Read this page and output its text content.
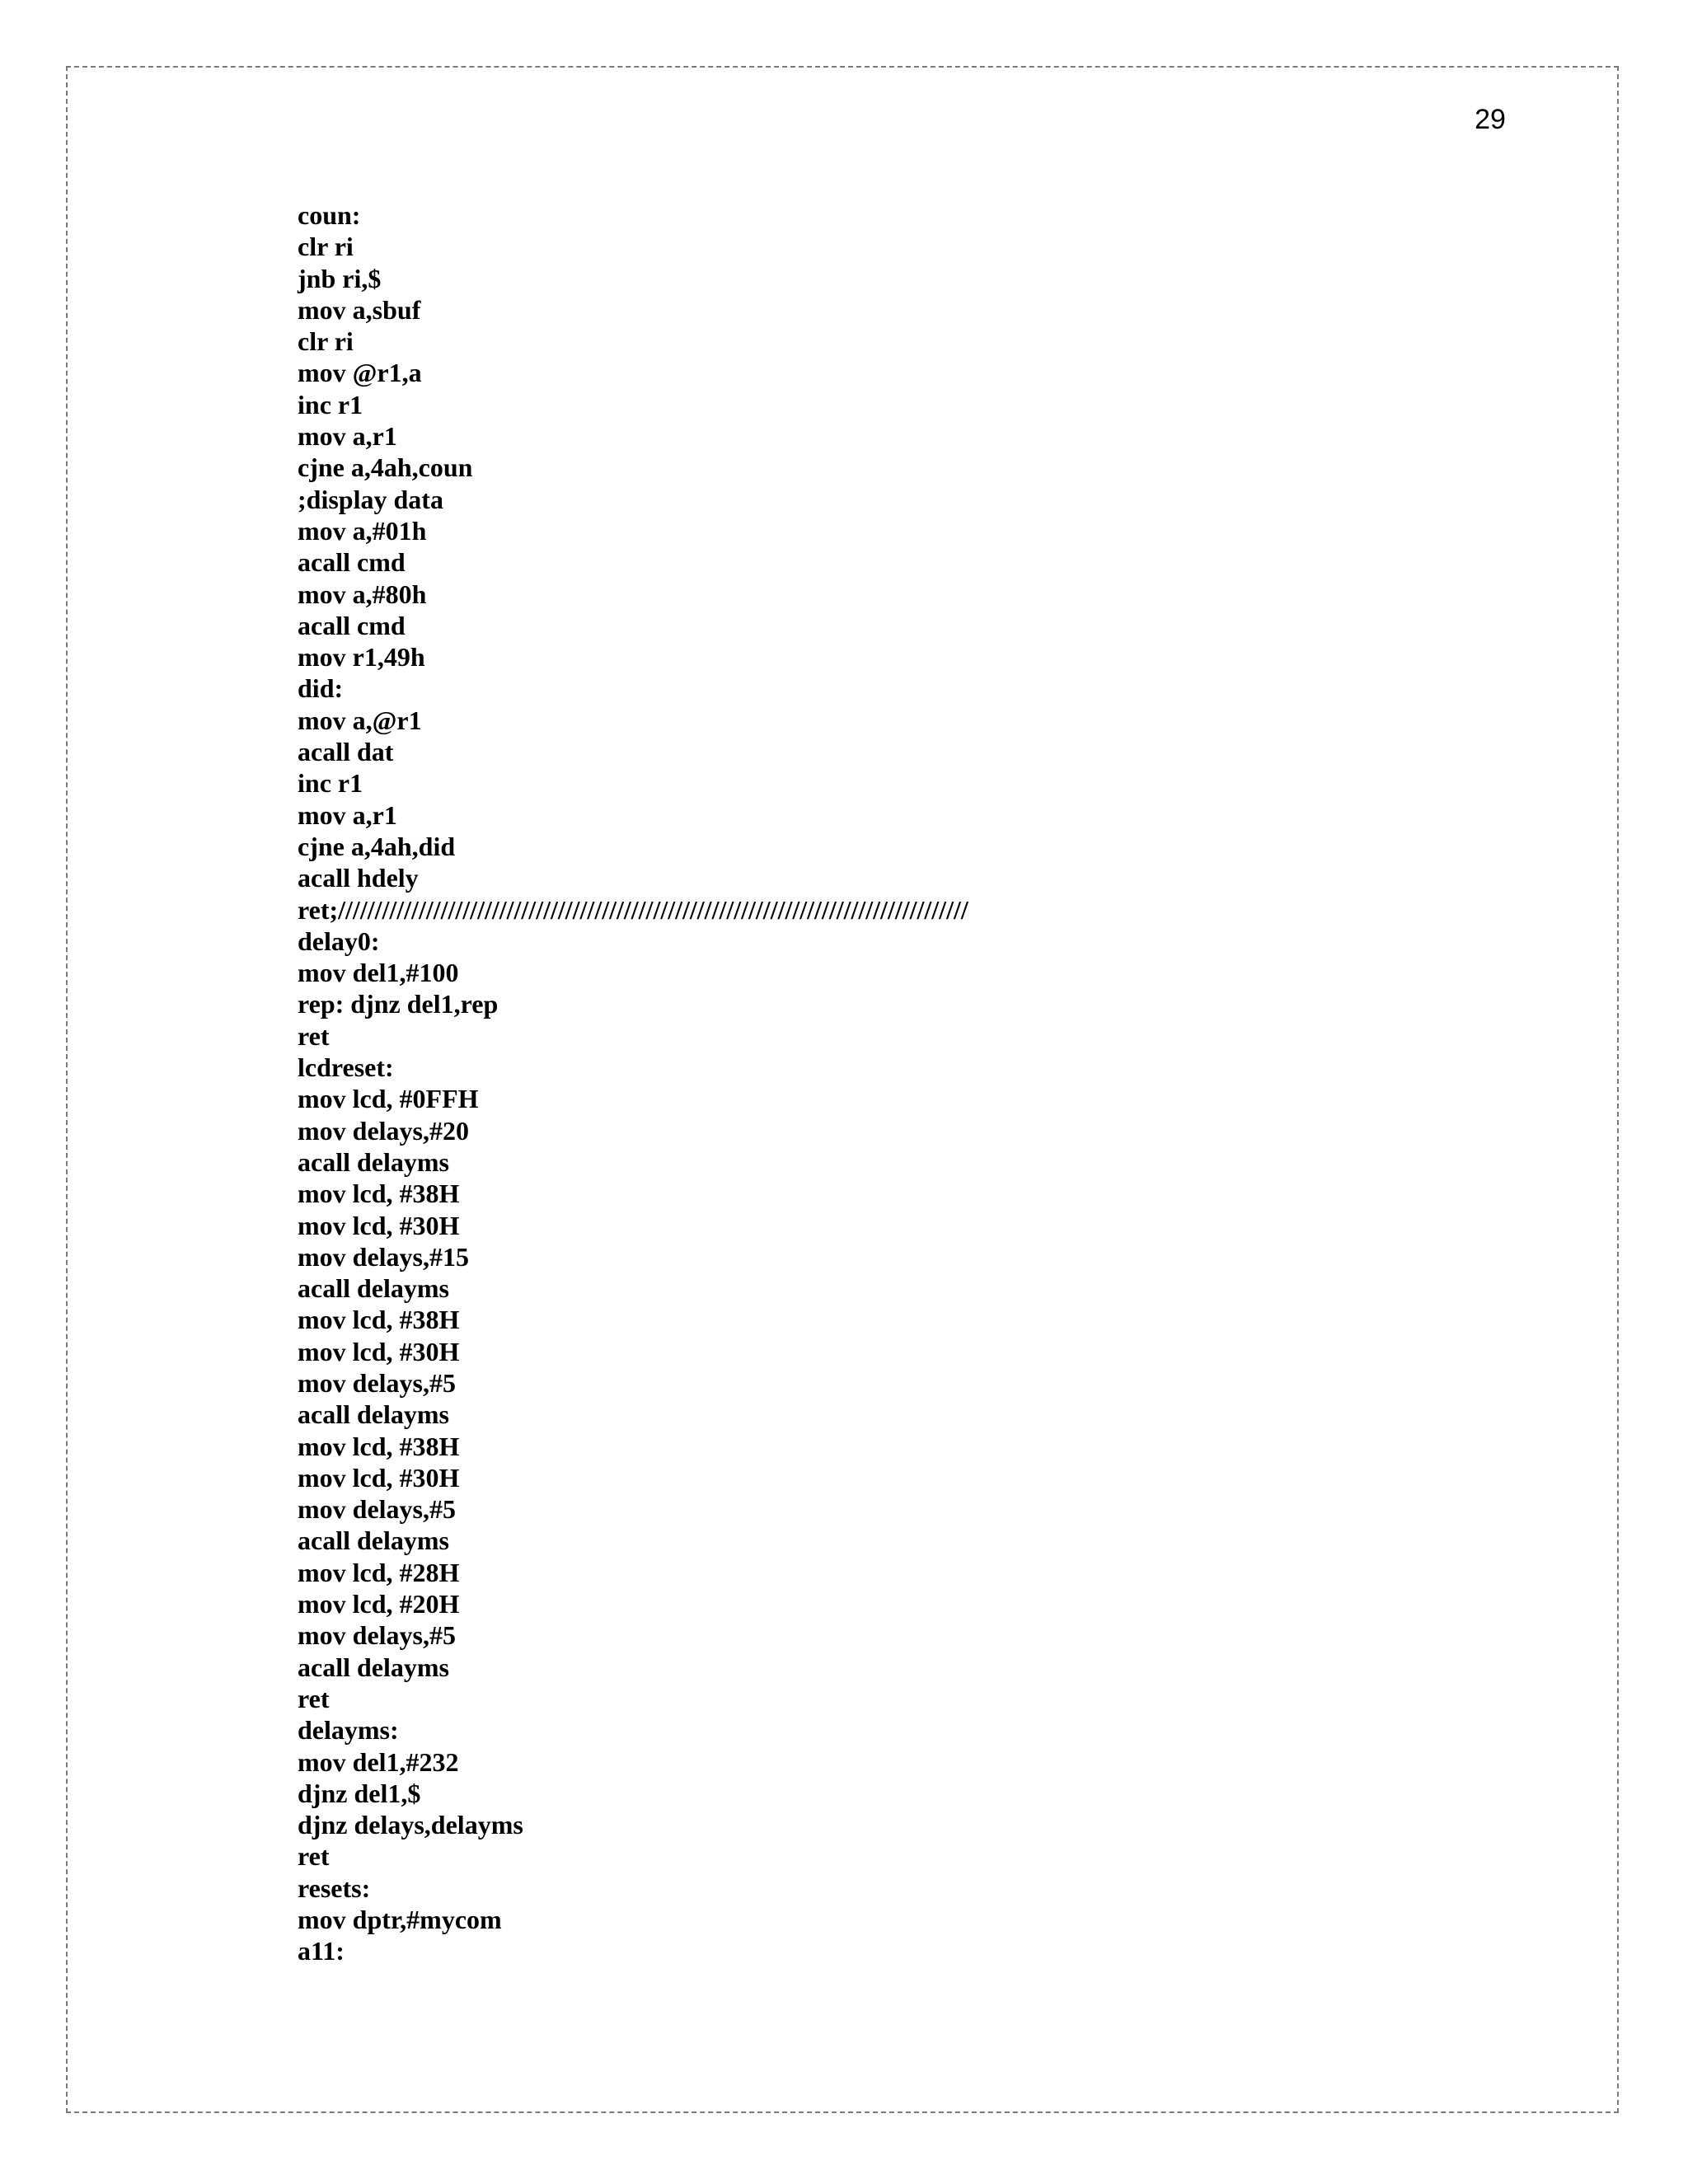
29
coun:
clr ri
jnb ri,$
mov a,sbuf
clr ri
mov @r1,a
inc r1
mov a,r1
cjne a,4ah,coun
;display data
mov a,#01h
acall cmd
mov a,#80h
acall cmd
mov r1,49h
did:
mov a,@r1
acall dat
inc r1
mov a,r1
cjne a,4ah,did
acall hdely
ret;//////////////////////////////////////////////////////////////////////////////////////
delay0:
mov del1,#100
rep: djnz del1,rep
ret
lcdreset:
mov lcd, #0FFH
mov delays,#20
acall delayms
mov lcd, #38H
mov lcd, #30H
mov delays,#15
acall delayms
mov lcd, #38H
mov lcd, #30H
mov delays,#5
acall delayms
mov lcd, #38H
mov lcd, #30H
mov delays,#5
acall delayms
mov lcd, #28H
mov lcd, #20H
mov delays,#5
acall delayms
ret
delayms:
mov del1,#232
djnz del1,$
djnz delays,delayms
ret
resets:
mov dptr,#mycom
a11:
